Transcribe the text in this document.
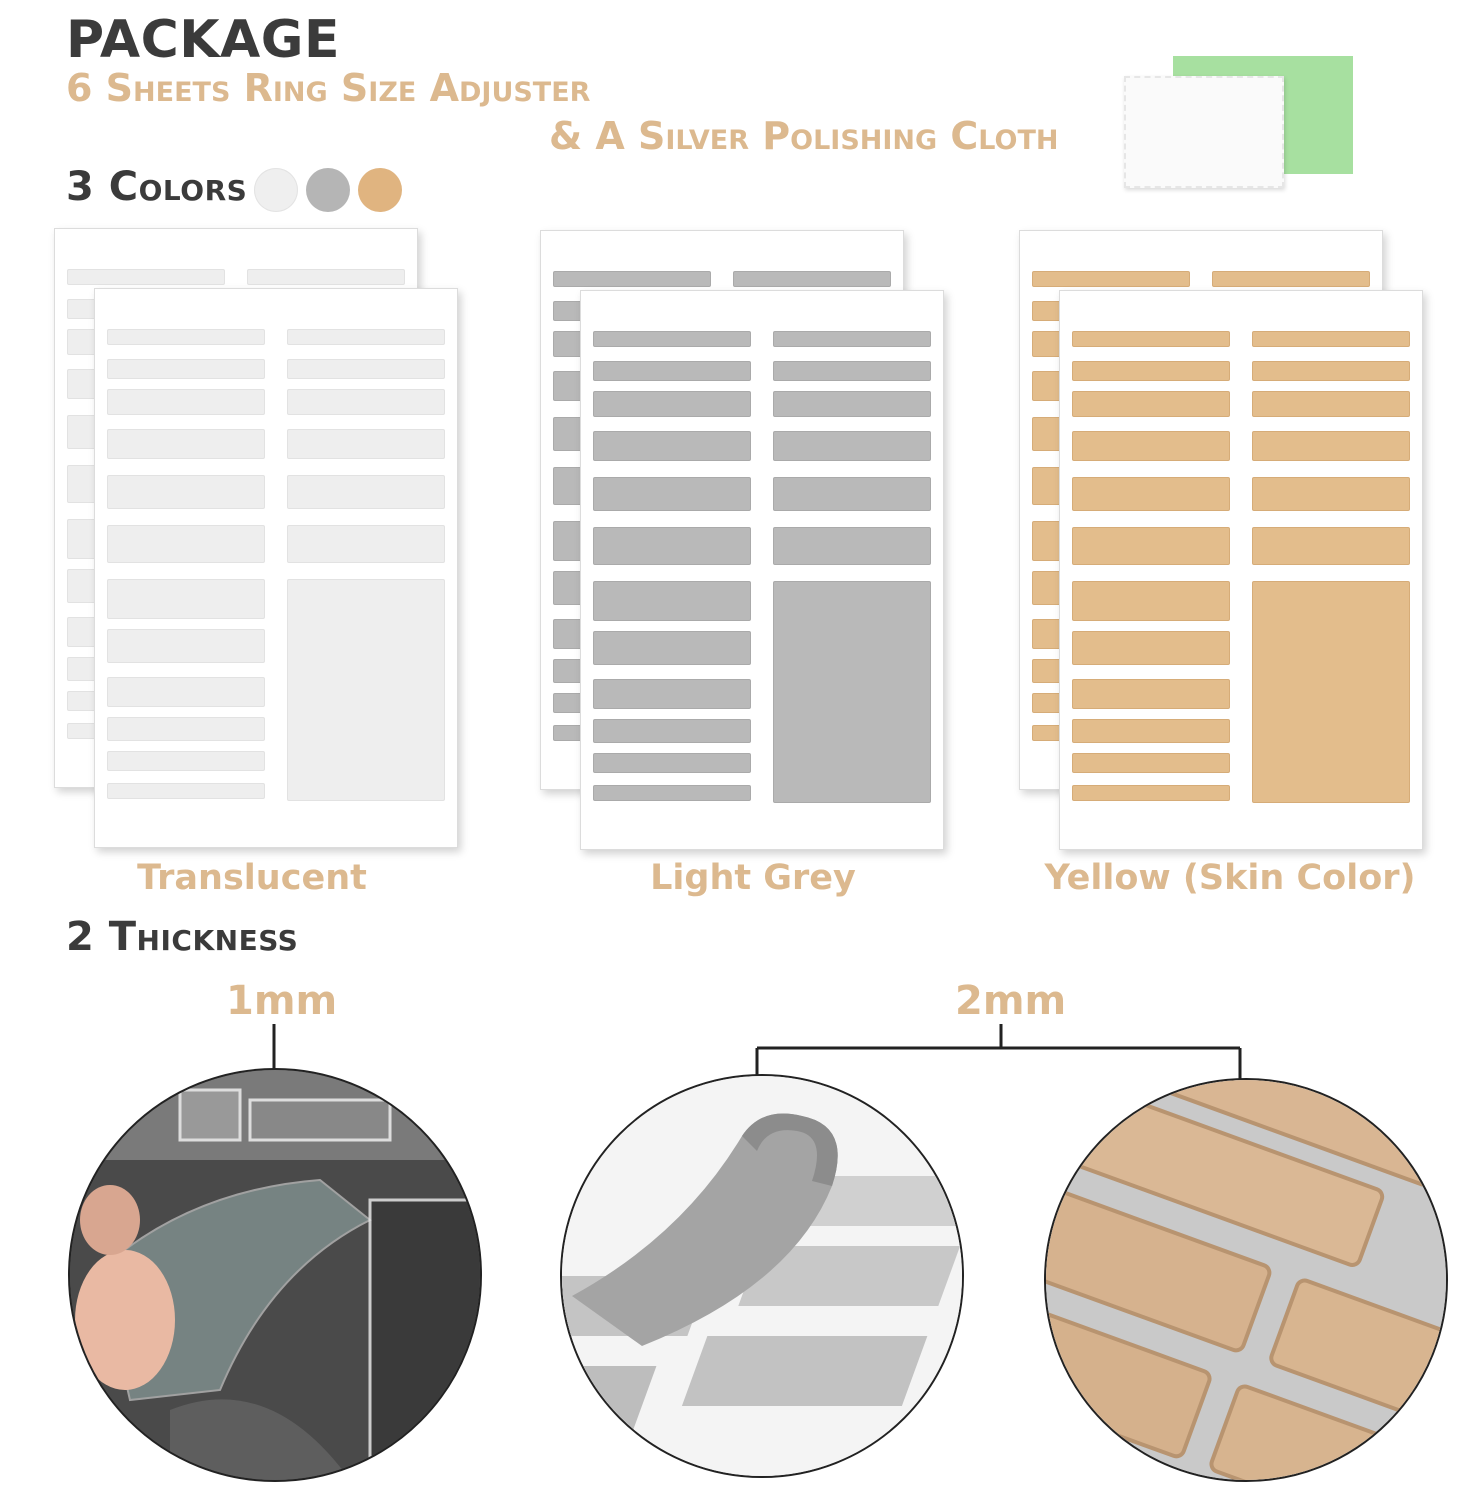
PACKAGE
6 Sheets Ring Size Adjuster
& A Silver Polishing Cloth
3 Colors
Translucent	Light Grey	Yellow (Skin Color)
2 Thickness
1mm	2mm
